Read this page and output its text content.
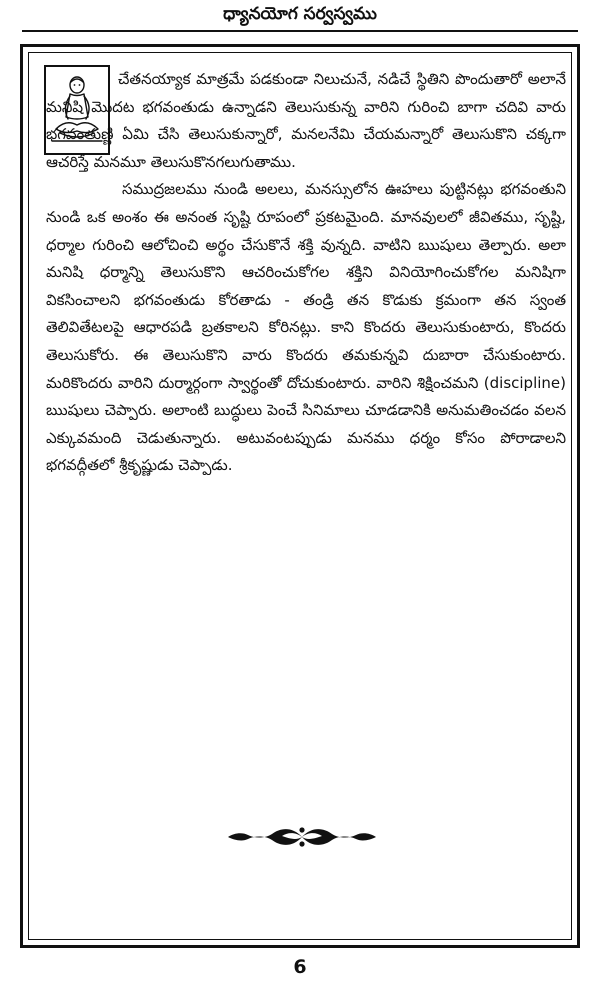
ధ్యానయోగ సర్వస్వము

చేతనయ్యాక మాత్రమే పడకుండా నిలుచునే, నడిచే స్థితిని పొందుతారో అలానే మనిషి మొదట భగవంతుడు ఉన్నాడని తెలుసుకున్న వారిని గురించి బాగా చదివి వారు భగవంతుణ్ణి ఏమి చేసి తెలుసుకున్నారో, మనలనేమి చేయమన్నారో తెలుసుకొని చక్కగా ఆచరిస్తే మనమూ తెలుసుకొనగలుగుతాము.

సముద్రజలము నుండి అలలు, మనస్సులోన ఊహలు పుట్టినట్లు భగవంతుని నుండి ఒక అంశం ఈ అనంత సృష్టి రూపంలో ప్రకటమైంది. మానవులలో జీవితము, సృష్టి, ధర్మాల గురించి ఆలోచించి అర్థం చేసుకొనే శక్తి వున్నది. వాటిని ఋషులు తెల్పారు. అలా మనిషి ధర్మాన్ని తెలుసుకొని ఆచరించుకోగల శక్తిని వినియోగించుకోగల మనిషిగా వికసించాలని భగవంతుడు కోరతాడు - తండ్రి తన కొడుకు క్రమంగా తన స్వంత తెలివితేటలపై ఆధారపడి బ్రతకాలని కోరినట్లు. కాని కొందరు తెలుసుకుంటారు, కొందరు తెలుసుకోరు. ఈ తెలుసుకొని వారు కొందరు తమకున్నవి దుబారా చేసుకుంటారు. మరికొందరు వారిని దుర్మార్గంగా స్వార్థంతో దోచుకుంటారు. వారిని శిక్షించమని (discipline) ఋషులు చెప్పారు. అలాంటి బుద్ధులు పెంచే సినిమాలు చూడడానికి అనుమతించడం వలన ఎక్కువమంది చెడుతున్నారు. అటువంటప్పుడు మనము ధర్మం కోసం పోరాడాలని భగవద్గీతలో శ్రీకృష్ణుడు చెప్పాడు.

6
